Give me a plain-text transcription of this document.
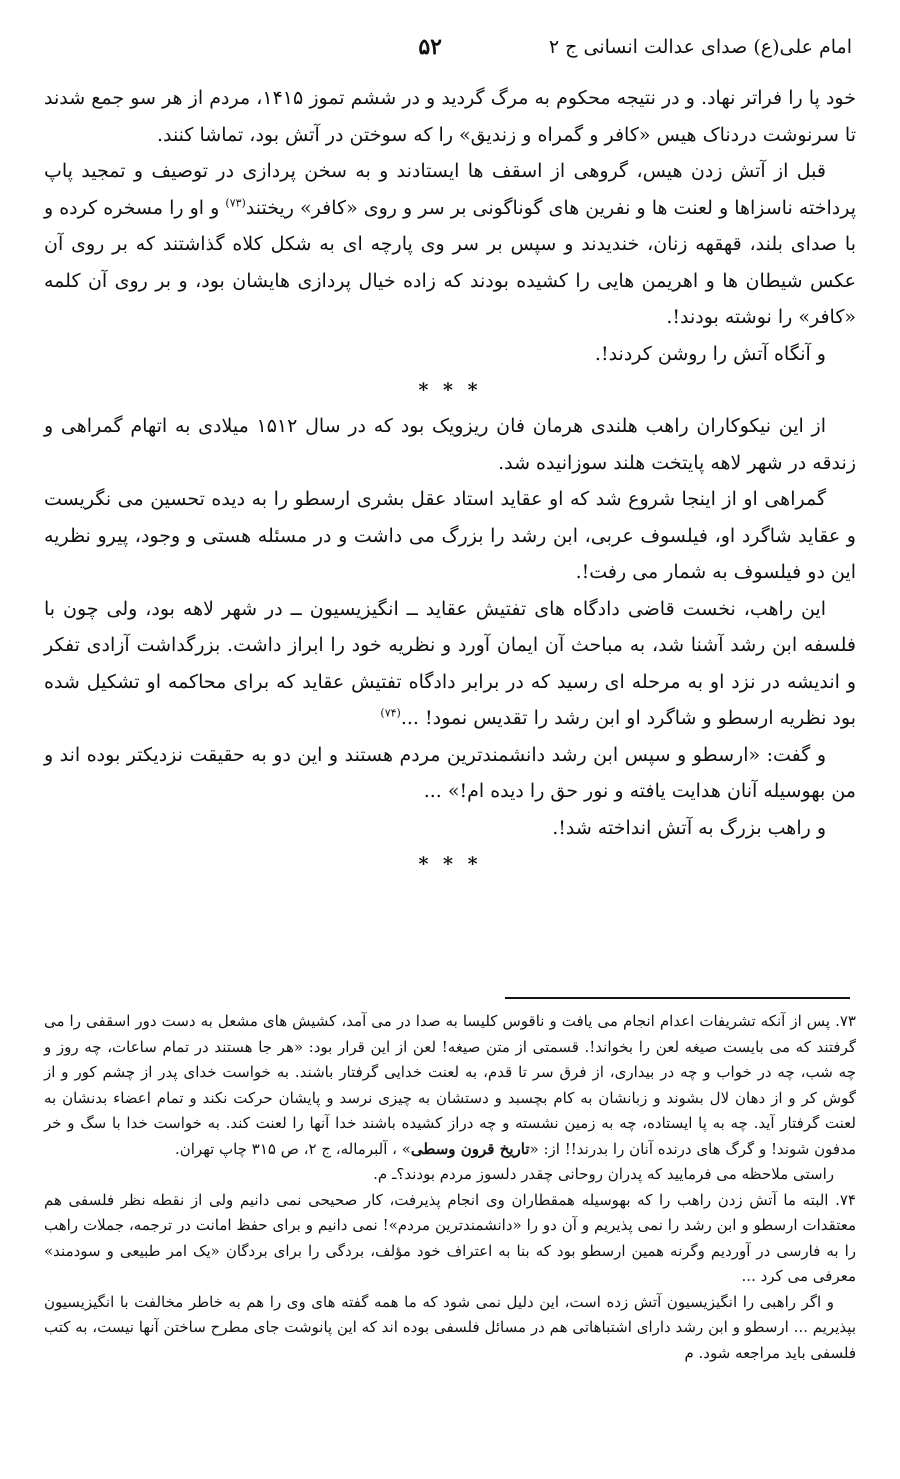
امام علی(ع) صدای عدالت انسانی ج ۲
۵۲

خود پا را فراتر نهاد. و در نتیجه محکوم به مرگ گردید و در ششم تموز ۱۴۱۵، مردم از هر سو جمع شدند تا سرنوشت دردناک هیس «کافر و گمراه و زندیق» را که سوختن در آتش بود، تماشا کنند.

قبل از آتش زدن هیس، گروهی از اسقف ها ایستادند و به سخن پردازی در توصیف و تمجید پاپ پرداخته ناسزاها و لعنت ها و نفرین های گوناگونی بر سر و روی «کافر» ریختند$^{(۷۳)}$ و او را مسخره کرده و با صدای بلند، قهقهه زنان، خندیدند و سپس بر سر وی پارچه ای به شکل کلاه گذاشتند که بر روی آن عکس شیطان ها و اهریمن هایی را کشیده بودند که زاده خیال پردازی هایشان بود، و بر روی آن کلمه «کافر» را نوشته بودند!.

و آنگاه آتش را روشن کردند!.

* * *

از این نیکوکاران راهب هلندی هرمان فان ریزویک بود که در سال ۱۵۱۲ میلادی به اتهام گمراهی و زندقه در شهر لاهه پایتخت هلند سوزانیده شد.

گمراهی او از اینجا شروع شد که او عقاید استاد عقل بشری ارسطو را به دیده تحسین می نگریست و عقاید شاگرد او، فیلسوف عربی، ابن رشد را بزرگ می داشت و در مسئله هستی و وجود، پیرو نظریه این دو فیلسوف به شمار می رفت!.

این راهب، نخست قاضی دادگاه های تفتیش عقاید ــ انگیزیسیون ــ در شهر لاهه بود، ولی چون با فلسفه ابن رشد آشنا شد، به مباحث آن ایمان آورد و نظریه خود را ابراز داشت. بزرگداشت آزادی تفکر و اندیشه در نزد او به مرحله ای رسید که در برابر دادگاه تفتیش عقاید که برای محاکمه او تشکیل شده بود نظریه ارسطو و شاگرد او ابن رشد را تقدیس نمود! ...$^{(۷۴)}$

و گفت: «ارسطو و سپس ابن رشد دانشمندترین مردم هستند و این دو به حقیقت نزدیکتر بوده اند و من بهوسیله آنان هدایت یافته و نور حق را دیده ام!» ...

و راهب بزرگ به آتش انداخته شد!.

* * *

۷۳. پس از آنکه تشریفات اعدام انجام می یافت و ناقوس کلیسا به صدا در می آمد، کشیش های مشعل به دست دور اسقفی را می گرفتند که می بایست صیغه لعن را بخواند!. قسمتی از متن صیغه! لعن از این قرار بود: «هر جا هستند در تمام ساعات، چه روز و چه شب، چه در خواب و چه در بیداری، از فرق سر تا قدم، به لعنت خدایی گرفتار باشند. به خواست خدای پدر از چشم کور و از گوش کر و از دهان لال بشوند و زبانشان به کام بچسبد و دستشان به چیزی نرسد و پایشان حرکت نکند و تمام اعضاء بدنشان به لعنت گرفتار آید. چه به پا ایستاده، چه به زمین نشسته و چه دراز کشیده باشند خدا آنها را لعنت کند. به خواست خدا با سگ و خر مدفون شوند! و گرگ های درنده آنان را بدرند!! از: «تاریخ قرون وسطی» ، آلبرماله، ج ۲، ص ۳۱۵ چاپ تهران.

راستی ملاحظه می فرمایید که پدران روحانی چقدر دلسوز مردم بودند؟ـ م.

۷۴. البته ما آتش زدن راهب را که بهوسیله همقطاران وی انجام پذیرفت، کار صحیحی نمی دانیم ولی از نقطه نظر فلسفی هم معتقدات ارسطو و ابن رشد را نمی پذیریم و آن دو را «دانشمندترین مردم»! نمی دانیم و برای حفظ امانت در ترجمه، جملات راهب را به فارسی در آوردیم وگرنه همین ارسطو بود که بنا به اعتراف خود مؤلف، بردگی را برای بردگان «یک امر طبیعی و سودمند» معرفی می کرد ...

و اگر راهبی را انگیزیسیون آتش زده است، این دلیل نمی شود که ما همه گفته های وی را هم به خاطر مخالفت با انگیزیسیون بپذیریم ... ارسطو و ابن رشد دارای اشتباهاتی هم در مسائل فلسفی بوده اند که این پانوشت جای مطرح ساختن آنها نیست، به کتب فلسفی باید مراجعه شود. م
